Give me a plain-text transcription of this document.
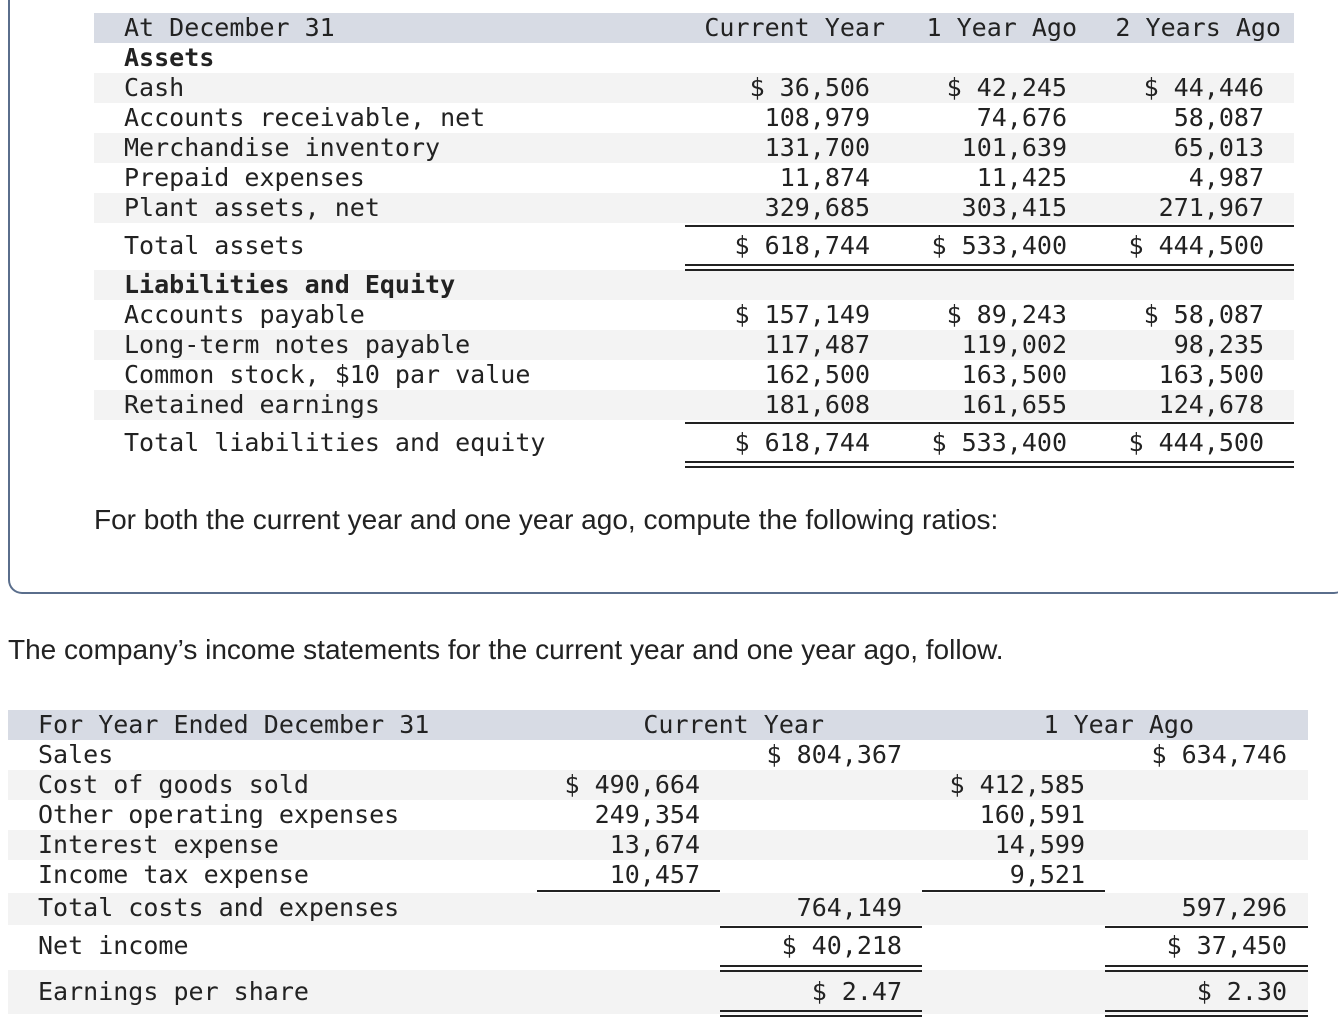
At December 31	Current Year	1 Year Ago	2 Years Ago
Assets
Cash	$ 36,506	$ 42,245	$ 44,446
Accounts receivable, net	108,979	74,676	58,087
Merchandise inventory	131,700	101,639	65,013
Prepaid expenses	11,874	11,425	4,987
Plant assets, net	329,685	303,415	271,967
Total assets	$ 618,744	$ 533,400	$ 444,500
Liabilities and Equity
Accounts payable	$ 157,149	$ 89,243	$ 58,087
Long-term notes payable	117,487	119,002	98,235
Common stock, $10 par value	162,500	163,500	163,500
Retained earnings	181,608	161,655	124,678
Total liabilities and equity	$ 618,744	$ 533,400	$ 444,500
For both the current year and one year ago, compute the following ratios:
The company’s income statements for the current year and one year ago, follow.
For Year Ended December 31	Current Year	1 Year Ago
Sales	$ 804,367	$ 634,746
Cost of goods sold	$ 490,664	$ 412,585
Other operating expenses	249,354	160,591
Interest expense	13,674	14,599
Income tax expense	10,457	9,521
Total costs and expenses	764,149	597,296
Net income	$ 40,218	$ 37,450
Earnings per share	$ 2.47	$ 2.30
